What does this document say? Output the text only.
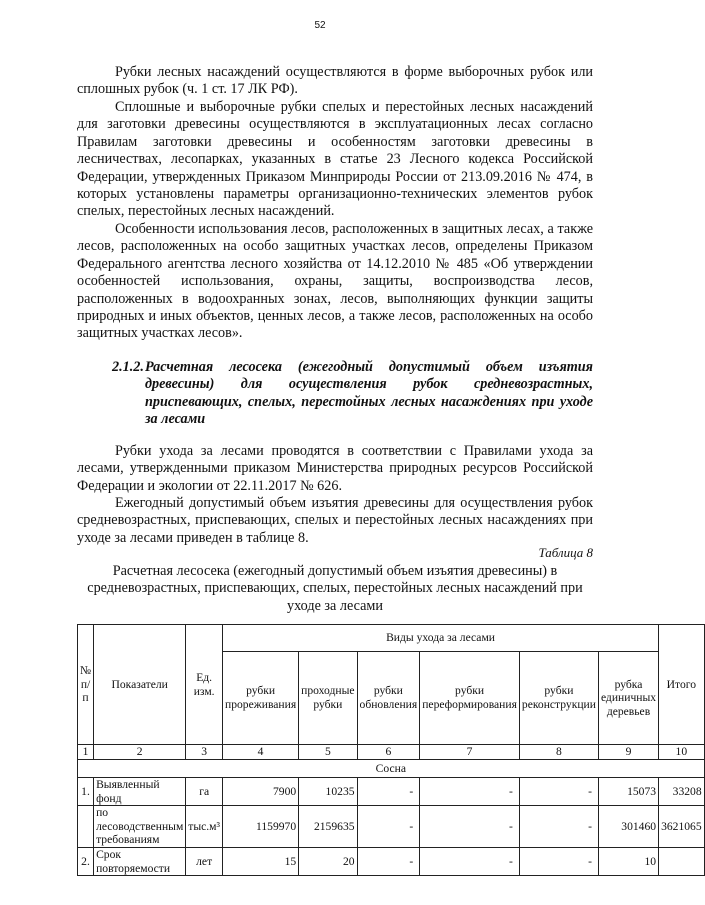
52

Рубки лесных насаждений осуществляются в форме выборочных рубок или сплошных рубок (ч. 1 ст. 17 ЛК РФ).

Сплошные и выборочные рубки спелых и перестойных лесных насаждений для заготовки древесины осуществляются в эксплуатационных лесах согласно Правилам заготовки древесины и особенностям заготовки древесины в лесничествах, лесопарках, указанных в статье 23 Лесного кодекса Российской Федерации, утвержденных Приказом Минприроды России от 213.09.2016 № 474, в которых установлены параметры организационно-технических элементов рубок спелых, перестойных лесных насаждений.

Особенности использования лесов, расположенных в защитных лесах, а также лесов, расположенных на особо защитных участках лесов, определены Приказом Федерального агентства лесного хозяйства от 14.12.2010 № 485 «Об утверждении особенностей использования, охраны, защиты, воспроизводства лесов, расположенных в водоохранных зонах, лесов, выполняющих функции защиты природных и иных объектов, ценных лесов, а также лесов, расположенных на особо защитных участках лесов».

2.1.2. Расчетная лесосека (ежегодный допустимый объем изъятия древесины) для осуществления рубок средневозрастных, приспевающих, спелых, перестойных лесных насаждениях при уходе за лесами

Рубки ухода за лесами проводятся в соответствии с Правилами ухода за лесами, утвержденными приказом Министерства природных ресурсов Российской Федерации и экологии от 22.11.2017 № 626.

Ежегодный допустимый объем изъятия древесины для осуществления рубок средневозрастных, приспевающих, спелых и перестойных лесных насаждениях при уходе за лесами приведен в таблице 8.

Таблица 8
Расчетная лесосека (ежегодный допустимый объем изъятия древесины) в средневозрастных, приспевающих, спелых, перестойных лесных насаждений при уходе за лесами
№ п/п	Показатели	Ед. изм.	Виды ухода за лесами						Итого
			рубки прореживания	проходные рубки	рубки обновления	рубки переформирования	рубки реконструкции	рубка единичных деревьев	
1	2	3	4	5	6	7	8	9	10
Сосна									
1.	Выявленный фонд	га	7900	10235	-	-	-	15073	33208
	по лесоводственным требованиям	тыс.м³	1159970	2159635	-	-	-	301460	3621065
2.	Срок повторяемости	лет	15	20	-	-	-	10	
